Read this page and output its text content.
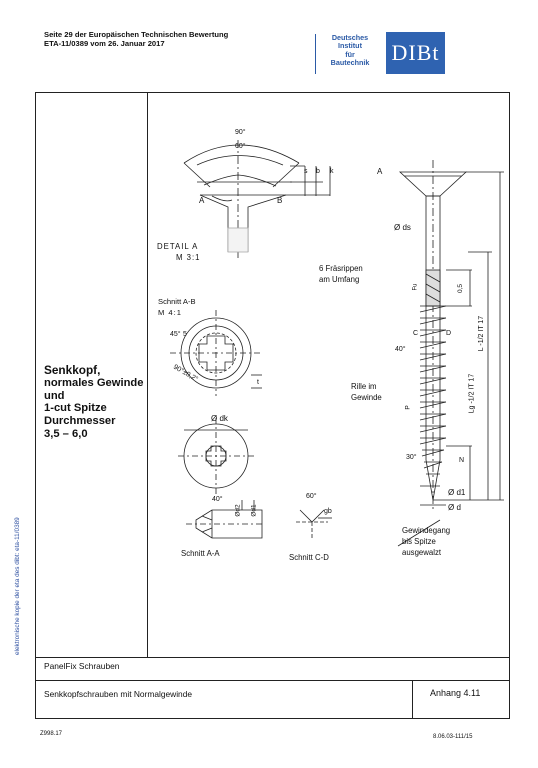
Seite 29 der Europäischen Technischen Bewertung
ETA-11/0389 vom 26. Januar 2017
Deutsches
Institut
für
Bautechnik	DIBt
Senkkopf,
normales Gewinde
und
1-cut Spitze
Durchmesser
3,5 – 6,0
elektronische kopie der eta des dibt: eta-11/0389
90°
60°
s b k
A	B
DETAIL A
M 3:1
Schnitt A-B
M 4:1
45° 5
90°±0,2°	t
Ø dk
40°
Ød2 Ød1
Schnitt A-A
60°
gb
Schnitt C-D
A
Ø ds
6 Fräsrippen
am Umfang
Fu	0,5
C	D
40°
Rille im
Gewinde
P
30°	N
L -1/2 IT 17
Lg -1/2 IT 17
Ø d1
Ø d
Gewindegang
bis Spitze
ausgewalzt
PanelFix Schrauben
Senkkopfschrauben mit Normalgewinde	Anhang 4.11
Z998.17	8.06.03-111/15
